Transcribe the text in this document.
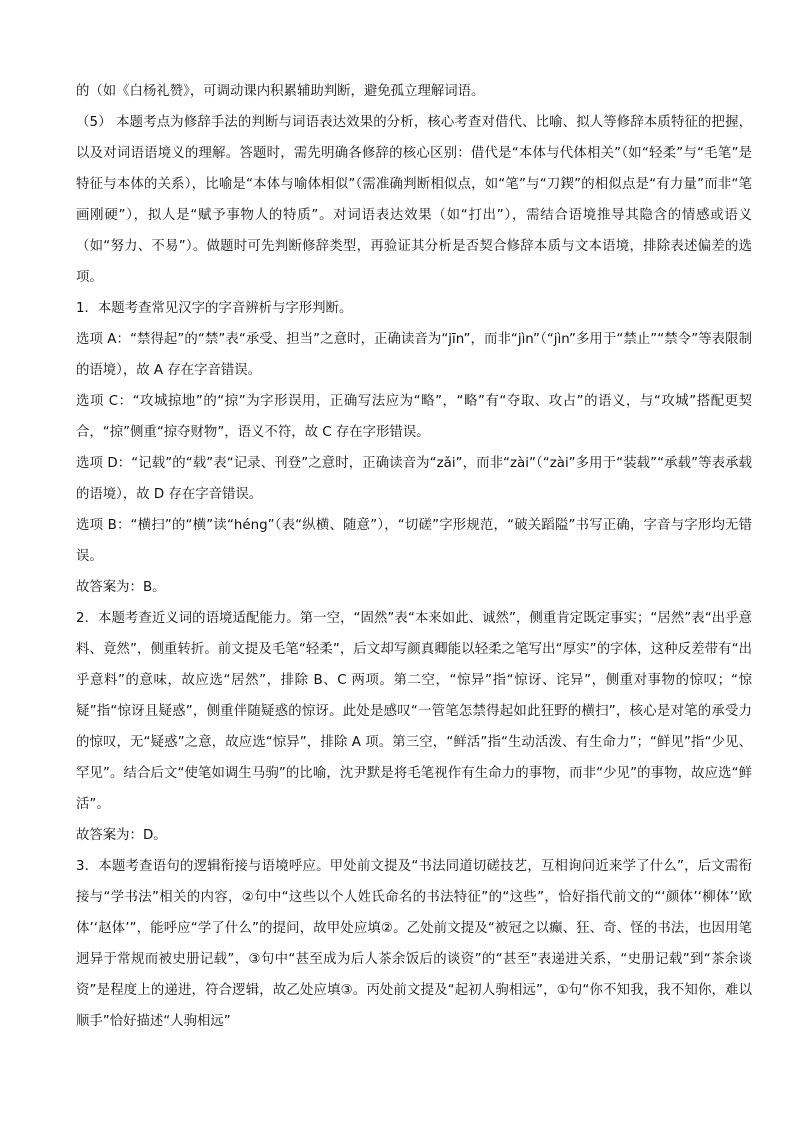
的（如《白杨礼赞》，可调动课内积累辅助判断，避免孤立理解词语。

（5） 本题考点为修辞手法的判断与词语表达效果的分析，核心考查对借代、比喻、拟人等修辞本质特征的把握，以及对词语语境义的理解。答题时，需先明确各修辞的核心区别：借代是“本体与代体相关”（如“轻柔”与“毛笔”是特征与本体的关系），比喻是“本体与喻体相似”（需准确判断相似点，如“笔”与“刀鍥”的相似点是“有力量”而非“笔画刚硬”），拟人是“赋予事物人的特质”。对词语表达效果（如“打出”），需结合语境推导其隐含的情感或语义（如“努力、不易”）。做题时可先判断修辞类型，再验证其分析是否契合修辞本质与文本语境，排除表述偏差的选项。

1．本题考查常见汉字的字音辨析与字形判断。

选项 A：“禁得起”的“禁”表“承受、担当”之意时，正确读音为“jīn”，而非“jìn”（“jìn”多用于“禁止”“禁令”等表限制的语境），故 A 存在字音错误。

选项 C：“攻城掠地”的“掠”为字形误用，正确写法应为“略”，“略”有“夺取、攻占”的语义，与“攻城”搭配更契合，“掠”侧重“掠夺财物”，语义不符，故 C 存在字形错误。

选项 D：“记载”的“载”表“记录、刊登”之意时，正确读音为“zǎi”，而非“zài”（“zài”多用于“装载”“承载”等表承载的语境），故 D 存在字音错误。

选项 B：“横扫”的“横”读“héng”（表“纵横、随意”），“切磋”字形规范，“破关蹈隘”书写正确，字音与字形均无错误。

故答案为：B。

2．本题考查近义词的语境适配能力。第一空，“固然”表“本来如此、诚然”，侧重肯定既定事实；“居然”表“出乎意料、竟然”，侧重转折。前文提及毛笔“轻柔”，后文却写颜真卿能以轻柔之笔写出“厚实”的字体，这种反差带有“出乎意料”的意味，故应选“居然”，排除 B、C 两项。第二空，“惊异”指“惊讶、诧异”，侧重对事物的惊叹；“惊疑”指“惊讶且疑惑”，侧重伴随疑惑的惊讶。此处是感叹“一管笔怎禁得起如此狂野的横扫”，核心是对笔的承受力的惊叹，无“疑惑”之意，故应选“惊异”，排除 A 项。第三空，“鲜活”指“生动活泼、有生命力”；“鲜见”指“少见、罕见”。结合后文“使笔如调生马驹”的比喻，沈尹默是将毛笔视作有生命力的事物，而非“少见”的事物，故应选“鲜活”。

故答案为：D。

3．本题考查语句的逻辑衔接与语境呼应。甲处前文提及“书法同道切磋技艺，互相询问近来学了什么”，后文需衔接与“学书法”相关的内容，②句中“这些以个人姓氏命名的书法特征”的“这些”，恰好指代前文的“‘颜体’‘柳体’‘欧体’‘赵体’”，能呼应“学了什么”的提问，故甲处应填②。乙处前文提及“被冠之以癫、狂、奇、怪的书法，也因用笔迥异于常规而被史册记载”，③句中“甚至成为后人茶余饭后的谈资”的“甚至”表递进关系，“史册记载”到“茶余谈资”是程度上的递进，符合逻辑，故乙处应填③。丙处前文提及“起初人驹相远”，①句“你不知我，我不知你，难以顺手”恰好描述“人驹相远”
